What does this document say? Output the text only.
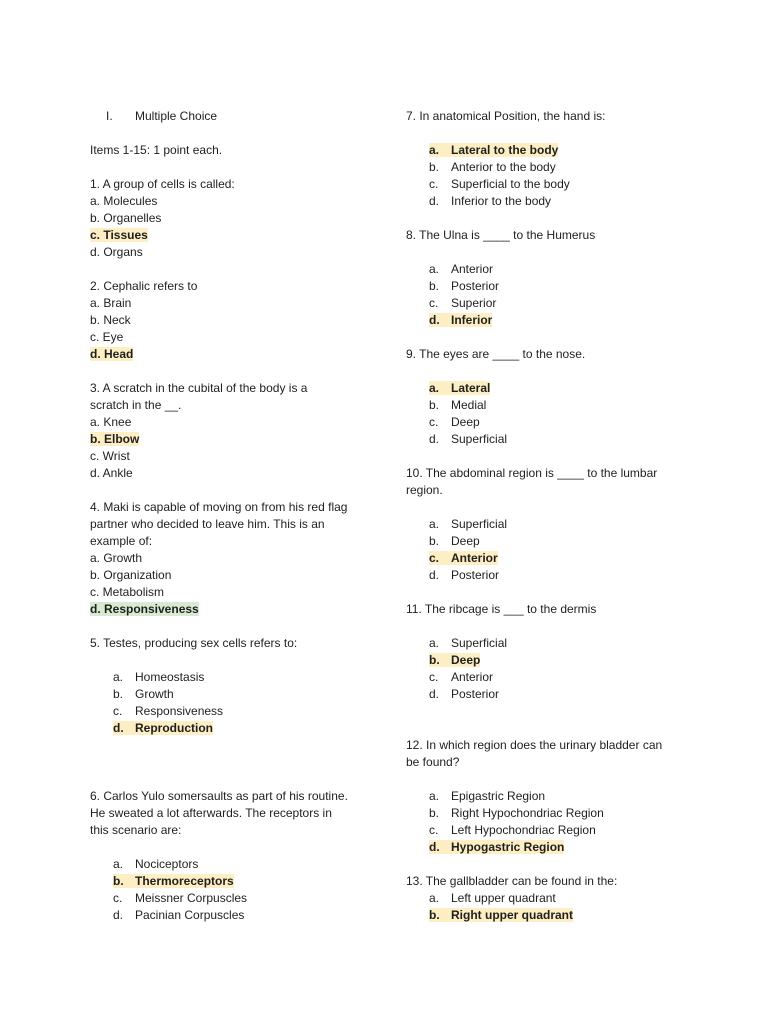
I. Multiple Choice
Items 1-15: 1 point each.
1. A group of cells is called:
a. Molecules
b. Organelles
c. Tissues
d. Organs
2. Cephalic refers to
a. Brain
b. Neck
c. Eye
d. Head
3. A scratch in the cubital of the body is a
scratch in the __.
a. Knee
b. Elbow
c. Wrist
d. Ankle
4. Maki is capable of moving on from his red flag
partner who decided to leave him. This is an
example of:
a. Growth
b. Organization
c. Metabolism
d. Responsiveness
5. Testes, producing sex cells refers to:
a. Homeostasis
b. Growth
c. Responsiveness
d. Reproduction
6. Carlos Yulo somersaults as part of his routine.
He sweated a lot afterwards. The receptors in
this scenario are:
a. Nociceptors
b. Thermoreceptors
c. Meissner Corpuscles
d. Pacinian Corpuscles
7. In anatomical Position, the hand is:
a. Lateral to the body
b. Anterior to the body
c. Superficial to the body
d. Inferior to the body
8. The Ulna is ____ to the Humerus
a. Anterior
b. Posterior
c. Superior
d. Inferior
9. The eyes are ____ to the nose.
a. Lateral
b. Medial
c. Deep
d. Superficial
10. The abdominal region is ____ to the lumbar
region.
a. Superficial
b. Deep
c. Anterior
d. Posterior
11. The ribcage is ___ to the dermis
a. Superficial
b. Deep
c. Anterior
d. Posterior
12. In which region does the urinary bladder can
be found?
a. Epigastric Region
b. Right Hypochondriac Region
c. Left Hypochondriac Region
d. Hypogastric Region
13. The gallbladder can be found in the:
a. Left upper quadrant
b. Right upper quadrant
